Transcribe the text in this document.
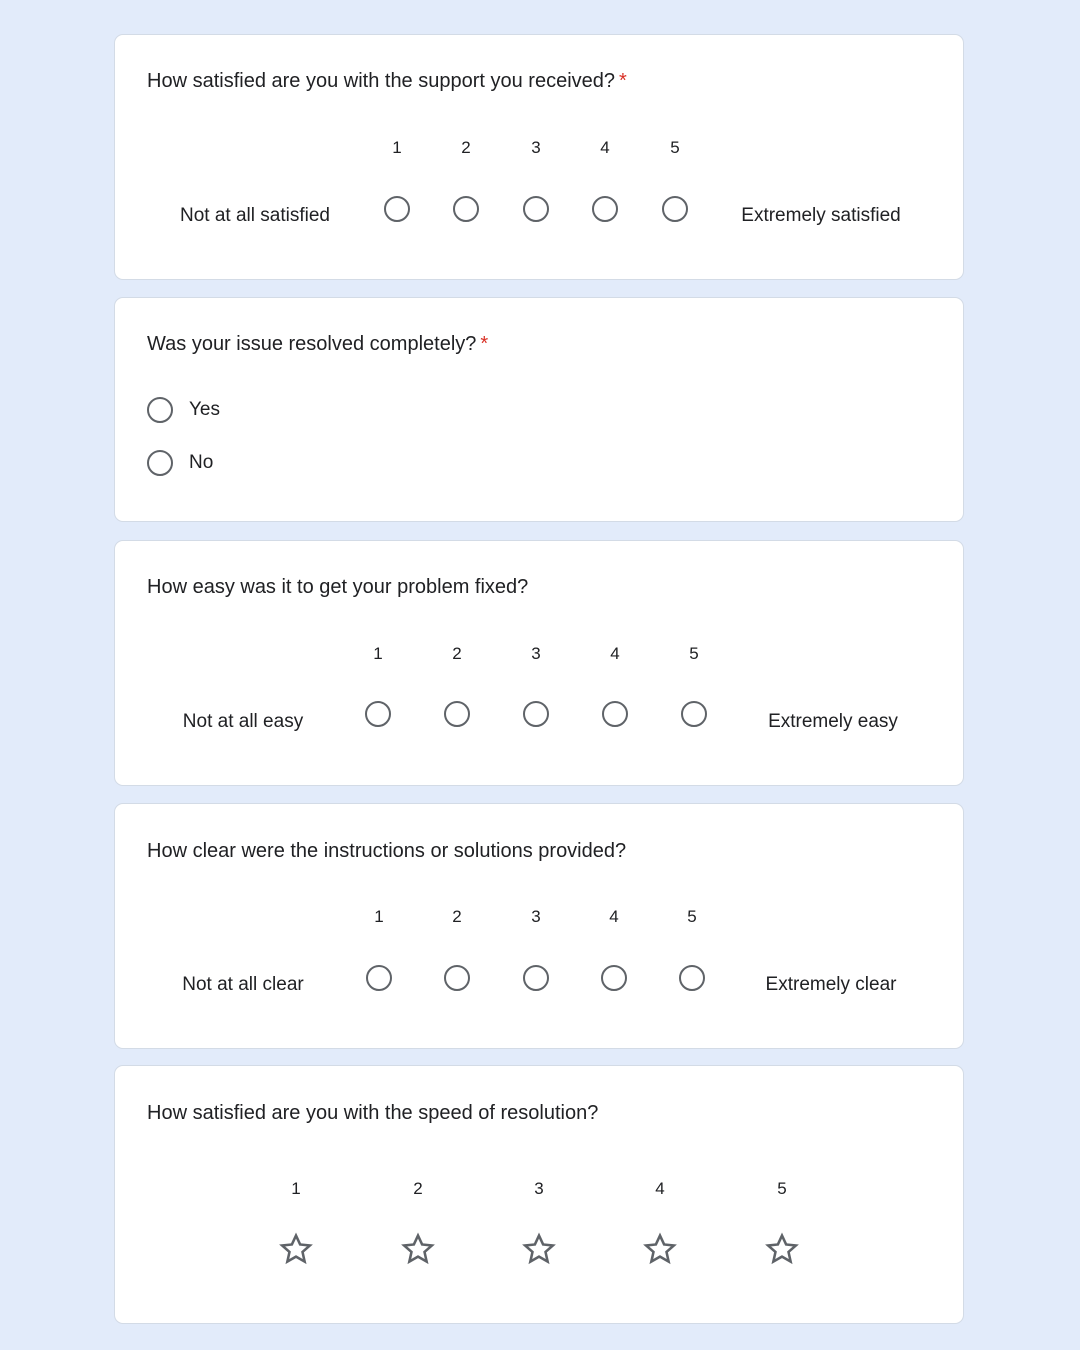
How satisfied are you with the support you received? *
1	2	3	4	5
Not at all satisfied	Extremely satisfied
Was your issue resolved completely? *
Yes
No
How easy was it to get your problem fixed?
1	2	3	4	5
Not at all easy	Extremely easy
How clear were the instructions or solutions provided?
1	2	3	4	5
Not at all clear	Extremely clear
How satisfied are you with the speed of resolution?
1	2	3	4	5
